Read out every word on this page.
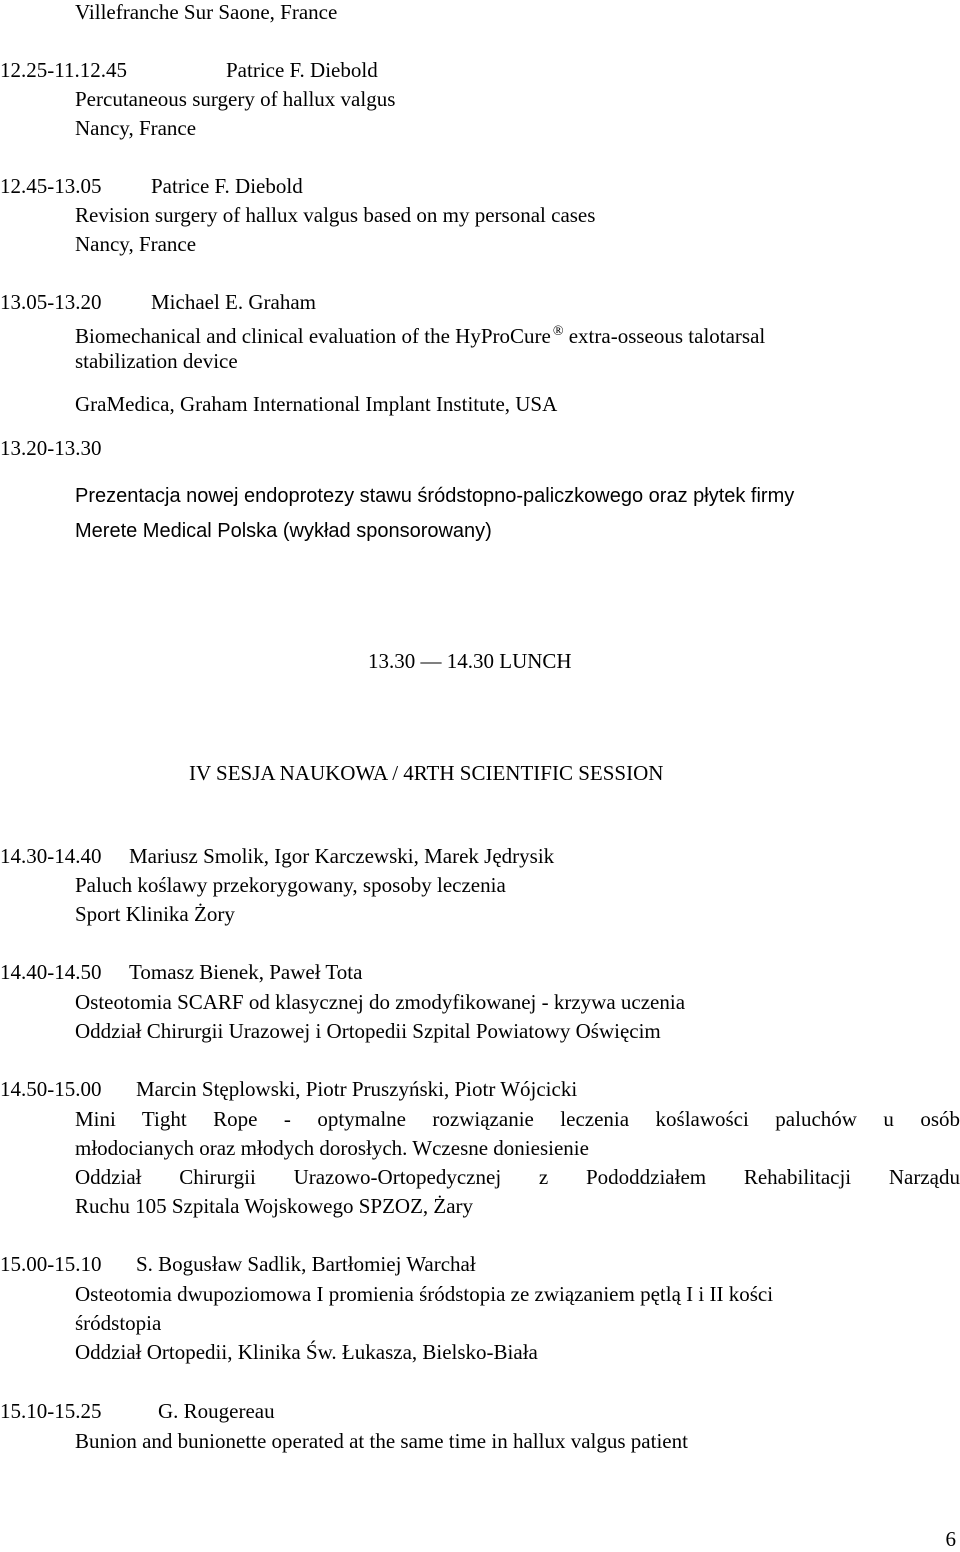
Villefranche Sur Saone, France
12.25-11.12.45	Patrice F. Diebold
Percutaneous surgery of hallux valgus
Nancy, France
12.45-13.05 Patrice F. Diebold
Revision surgery of hallux valgus based on my personal cases
Nancy, France
13.05-13.20 Michael E. Graham
Biomechanical and clinical evaluation of the HyProCure ® extra-osseous talotarsal
stabilization device
GraMedica, Graham International Implant Institute, USA
13.20-13.30
Prezentacja nowej endoprotezy stawu śródstopno-paliczkowego oraz płytek firmy
Merete Medical Polska (wykład sponsorowany)
13.30 — 14.30 LUNCH
IV SESJA NAUKOWA / 4RTH SCIENTIFIC SESSION
14.30-14.40 Mariusz Smolik, Igor Karczewski, Marek Jędrysik
Paluch koślawy przekorygowany, sposoby leczenia
Sport Klinika Żory
14.40-14.50 Tomasz Bienek, Paweł Tota
Osteotomia SCARF od klasycznej do zmodyfikowanej - krzywa uczenia
Oddział Chirurgii Urazowej i Ortopedii Szpital Powiatowy Oświęcim
14.50-15.00 Marcin Stęplowski, Piotr Pruszyński, Piotr Wójcicki
Mini Tight Rope - optymalne rozwiązanie leczenia koślawości paluchów u osób
młodocianych oraz młodych dorosłych. Wczesne doniesienie
Oddział Chirurgii Urazowo-Ortopedycznej z Pododdziałem Rehabilitacji Narządu
Ruchu 105 Szpitala Wojskowego SPZOZ, Żary
15.00-15.10 S. Bogusław Sadlik, Bartłomiej Warchał
Osteotomia dwupoziomowa I promienia śródstopia ze związaniem pętlą I i II kości
śródstopia
Oddział Ortopedii, Klinika Św. Łukasza, Bielsko-Biała
15.10-15.25	G. Rougereau
Bunion and bunionette operated at the same time in hallux valgus patient
6
